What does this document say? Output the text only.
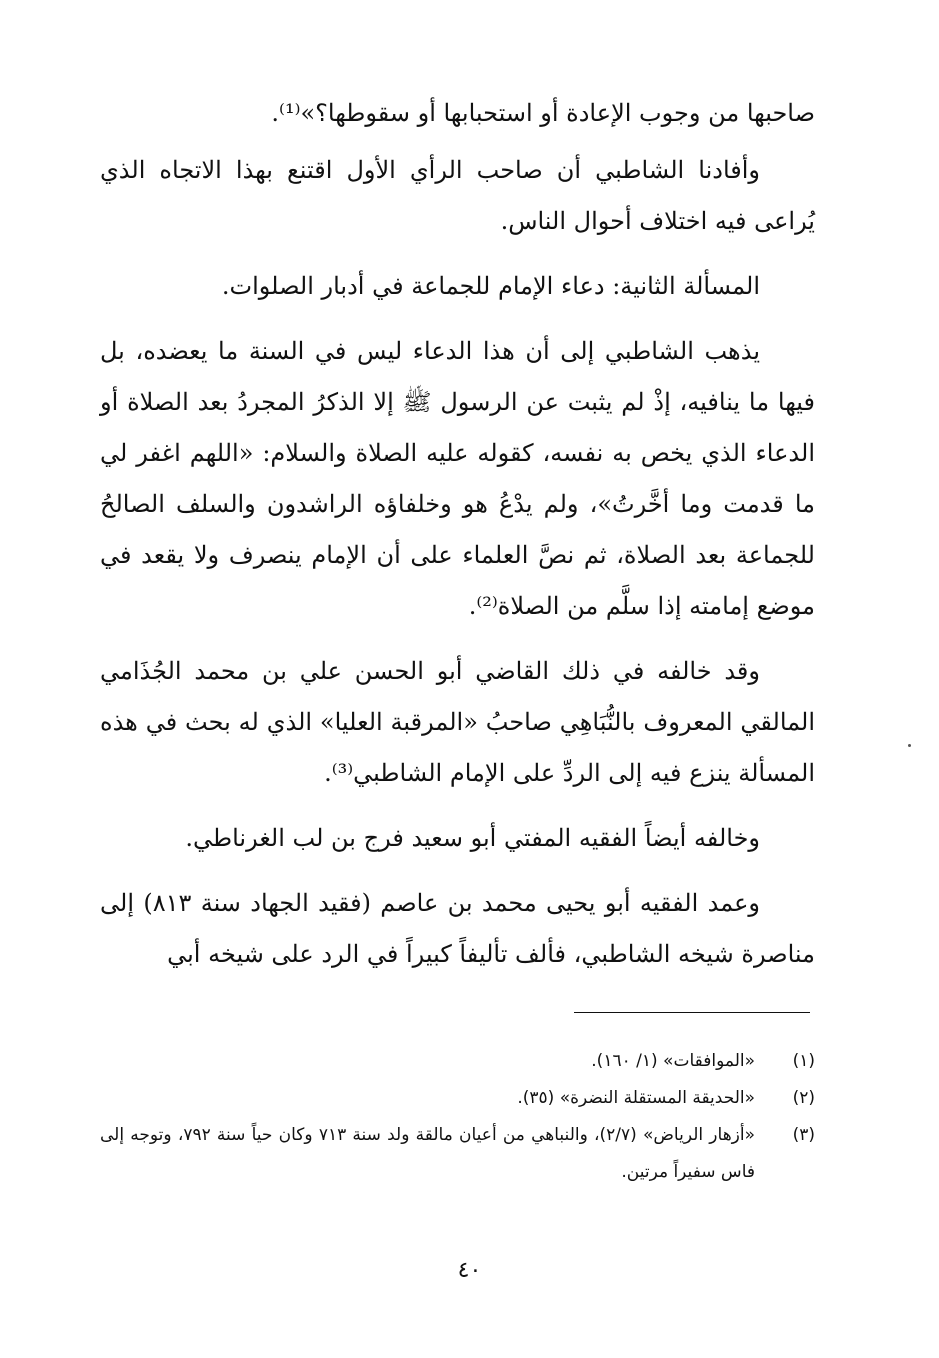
صاحبها من وجوب الإعادة أو استحبابها أو سقوطها؟»⁽¹⁾.

وأفادنا الشاطبي أن صاحب الرأي الأول اقتنع بهذا الاتجاه الذي يُراعى فيه اختلاف أحوال الناس.

المسألة الثانية: دعاء الإمام للجماعة في أدبار الصلوات.

يذهب الشاطبي إلى أن هذا الدعاء ليس في السنة ما يعضده، بل فيها ما ينافيه، إذْ لم يثبت عن الرسول ﷺ إلا الذكرُ المجردُ بعد الصلاة أو الدعاء الذي يخص به نفسه، كقوله عليه الصلاة والسلام: «اللهم اغفر لي ما قدمت وما أخَّرتُ»، ولم يدْعُ هو وخلفاؤه الراشدون والسلف الصالحُ للجماعة بعد الصلاة، ثم نصَّ العلماء على أن الإمام ينصرف ولا يقعد في موضع إمامته إذا سلَّم من الصلاة⁽²⁾.

وقد خالفه في ذلك القاضي أبو الحسن علي بن محمد الجُذَامي المالقي المعروف بالنُّبَاهِي صاحبُ «المرقبة العليا» الذي له بحث في هذه المسألة ينزع فيه إلى الردِّ على الإمام الشاطبي⁽³⁾.

وخالفه أيضاً الفقيه المفتي أبو سعيد فرج بن لب الغرناطي.

وعمد الفقيه أبو يحيى محمد بن عاصم (فقيد الجهاد سنة ٨١٣) إلى مناصرة شيخه الشاطبي، فألف تأليفاً كبيراً في الرد على شيخه أبي

(١)
«الموافقات» (١/ ١٦٠).
(٢)
«الحديقة المستقلة النضرة» (٣٥).
(٣)
«أزهار الرياض» (٢/٧)، والنباهي من أعيان مالقة ولد سنة ٧١٣ وكان حياً سنة ٧٩٢، وتوجه إلى فاس سفيراً مرتين.
٤٠
